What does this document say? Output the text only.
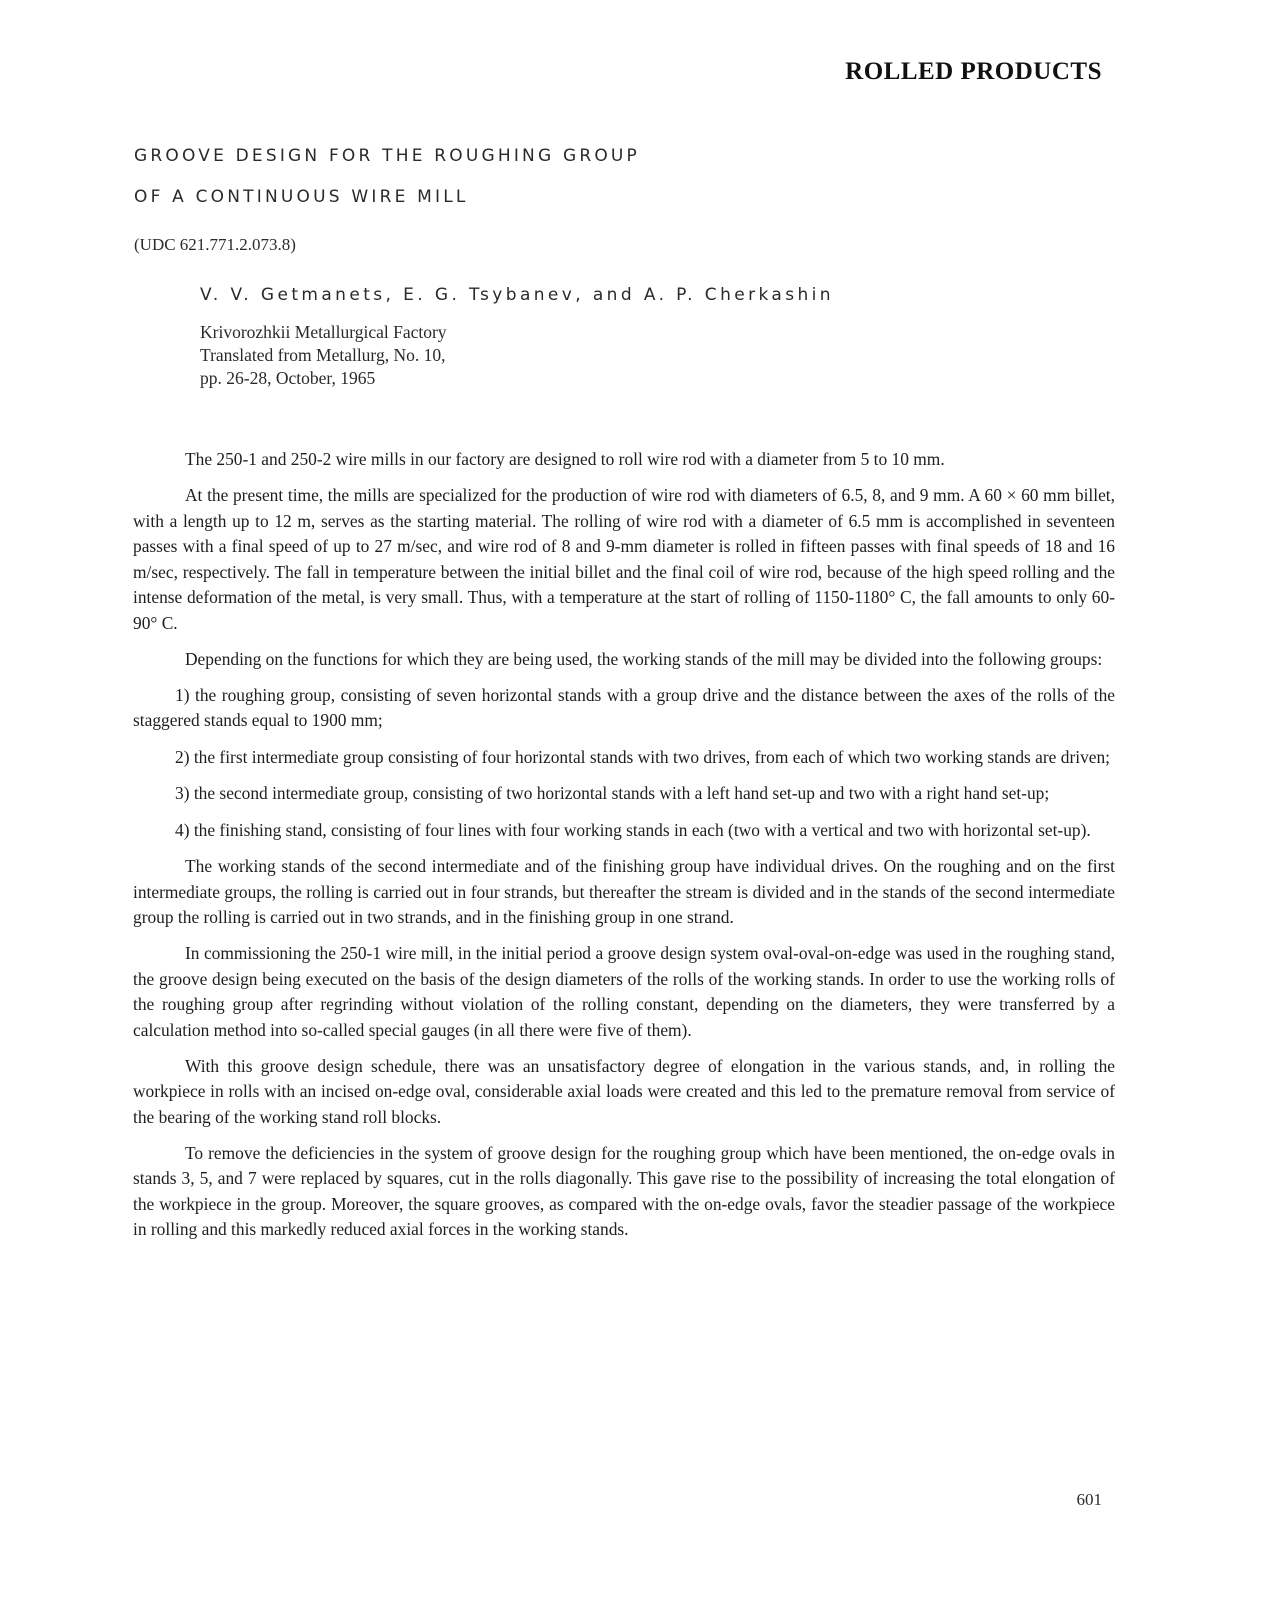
ROLLED PRODUCTS
GROOVE DESIGN FOR THE ROUGHING GROUP
OF A CONTINUOUS WIRE MILL
(UDC 621.771.2.073.8)
V. V. Getmanets, E. G. Tsybanev, and A. P. Cherkashin
Krivorozhkii Metallurgical Factory
Translated from Metallurg, No. 10,
pp. 26-28, October, 1965

The 250-1 and 250-2 wire mills in our factory are designed to roll wire rod with a diameter from 5 to 10 mm.

At the present time, the mills are specialized for the production of wire rod with diameters of 6.5, 8, and 9 mm. A 60 × 60 mm billet, with a length up to 12 m, serves as the starting material. The rolling of wire rod with a diameter of 6.5 mm is accomplished in seventeen passes with a final speed of up to 27 m/sec, and wire rod of 8 and 9-mm diameter is rolled in fifteen passes with final speeds of 18 and 16 m/sec, respectively. The fall in temperature between the initial billet and the final coil of wire rod, because of the high speed rolling and the intense deformation of the metal, is very small. Thus, with a temperature at the start of rolling of 1150-1180° C, the fall amounts to only 60-90° C.

Depending on the functions for which they are being used, the working stands of the mill may be divided into the following groups:

1) the roughing group, consisting of seven horizontal stands with a group drive and the distance between the axes of the rolls of the staggered stands equal to 1900 mm;

2) the first intermediate group consisting of four horizontal stands with two drives, from each of which two working stands are driven;

3) the second intermediate group, consisting of two horizontal stands with a left hand set-up and two with a right hand set-up;

4) the finishing stand, consisting of four lines with four working stands in each (two with a vertical and two with horizontal set-up).

The working stands of the second intermediate and of the finishing group have individual drives. On the roughing and on the first intermediate groups, the rolling is carried out in four strands, but thereafter the stream is divided and in the stands of the second intermediate group the rolling is carried out in two strands, and in the finishing group in one strand.

In commissioning the 250-1 wire mill, in the initial period a groove design system oval-oval-on-edge was used in the roughing stand, the groove design being executed on the basis of the design diameters of the rolls of the working stands. In order to use the working rolls of the roughing group after regrinding without violation of the rolling constant, depending on the diameters, they were transferred by a calculation method into so-called special gauges (in all there were five of them).

With this groove design schedule, there was an unsatisfactory degree of elongation in the various stands, and, in rolling the workpiece in rolls with an incised on-edge oval, considerable axial loads were created and this led to the premature removal from service of the bearing of the working stand roll blocks.

To remove the deficiencies in the system of groove design for the roughing group which have been mentioned, the on-edge ovals in stands 3, 5, and 7 were replaced by squares, cut in the rolls diagonally. This gave rise to the possibility of increasing the total elongation of the workpiece in the group. Moreover, the square grooves, as compared with the on-edge ovals, favor the steadier passage of the workpiece in rolling and this markedly reduced axial forces in the working stands.

601
